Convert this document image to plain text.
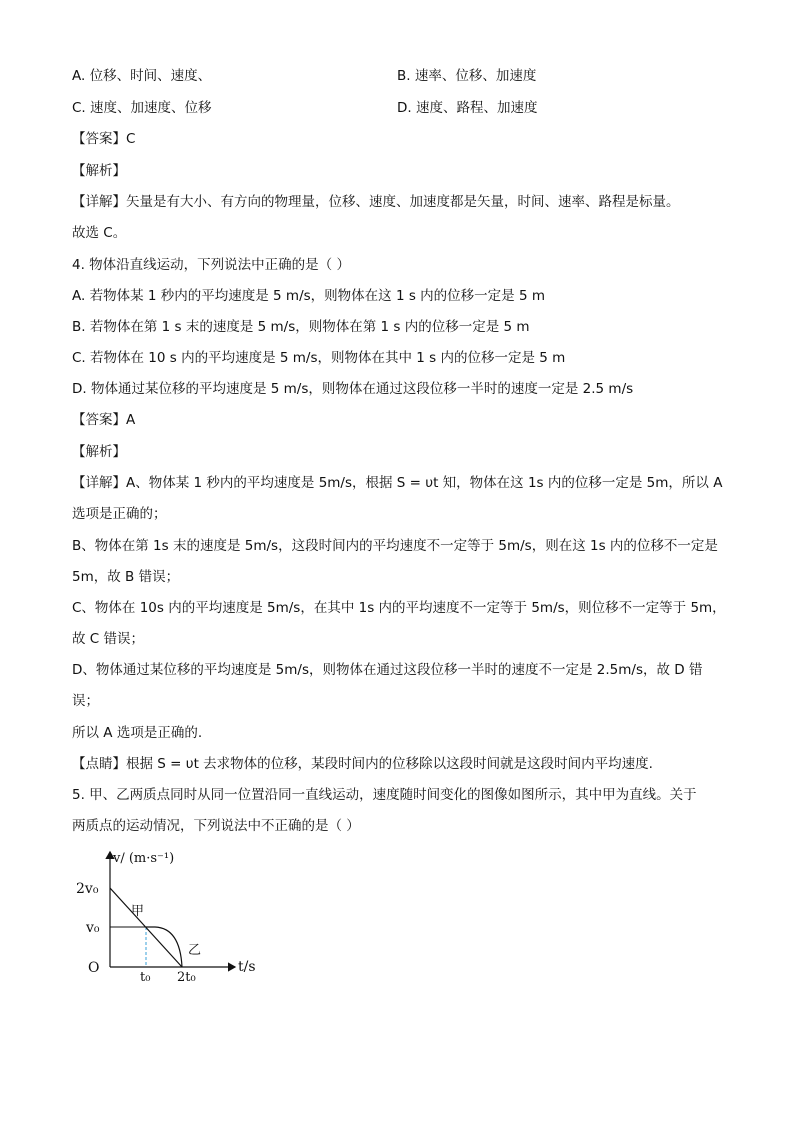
A. 位移、时间、速度、	B. 速率、位移、加速度
C. 速度、加速度、位移	D. 速度、路程、加速度
【答案】C
【解析】
【详解】矢量是有大小、有方向的物理量，位移、速度、加速度都是矢量，时间、速率、路程是标量。
故选 C。
4. 物体沿直线运动，下列说法中正确的是（ ）
A. 若物体某 1 秒内的平均速度是 5 m/s，则物体在这 1 s 内的位移一定是 5 m
B. 若物体在第 1 s 末的速度是 5 m/s，则物体在第 1 s 内的位移一定是 5 m
C. 若物体在 10 s 内的平均速度是 5 m/s，则物体在其中 1 s 内的位移一定是 5 m
D. 物体通过某位移的平均速度是 5 m/s，则物体在通过这段位移一半时的速度一定是 2.5 m/s
【答案】A
【解析】
【详解】A、物体某 1 秒内的平均速度是 5m/s，根据 S = υt 知，物体在这 1s 内的位移一定是 5m，所以 A
选项是正确的；
B、物体在第 1s 末的速度是 5m/s，这段时间内的平均速度不一定等于 5m/s，则在这 1s 内的位移不一定是
5m，故 B 错误；
C、物体在 10s 内的平均速度是 5m/s，在其中 1s 内的平均速度不一定等于 5m/s，则位移不一定等于 5m，
故 C 错误；
D、物体通过某位移的平均速度是 5m/s，则物体在通过这段位移一半时的速度不一定是 2.5m/s，故 D 错
误；
所以 A 选项是正确的.
【点睛】根据 S = υt 去求物体的位移，某段时间内的位移除以这段时间就是这段时间内平均速度.
5. 甲、乙两质点同时从同一位置沿同一直线运动，速度随时间变化的图像如图所示，其中甲为直线。关于
两质点的运动情况，下列说法中不正确的是（ ）
v/ (m·s⁻¹)
2v₀
v₀
O
t₀ 2t₀
t/s
甲
乙
